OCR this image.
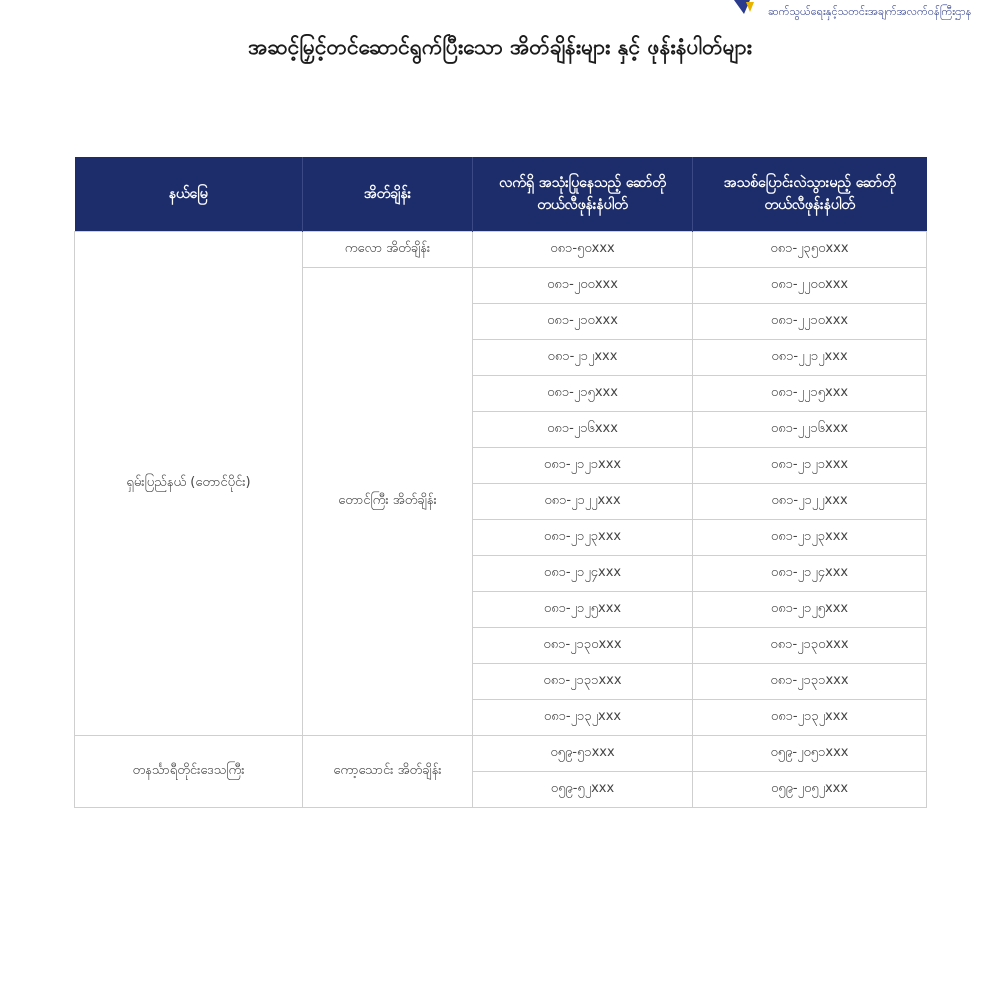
ဆက်သွယ်ရေးနှင့်သတင်းအချက်အလက်ဝန်ကြီးဌာန
အဆင့်မြှင့်တင်ဆောင်ရွက်ပြီးသော အိတ်ချိန်းများ နှင့် ဖုန်းနံပါတ်များ
နယ်မြေ	အိတ်ချိန်း	လက်ရှိ အသုံးပြုနေသည့် ဆော်တိုတယ်လီဖုန်းနံပါတ်	အသစ်ပြောင်းလဲသွားမည့် ဆော်တိုတယ်လီဖုန်းနံပါတ်
ရှမ်းပြည်နယ် (တောင်ပိုင်း)	ကလော အိတ်ချိန်း	၀၈၁-၅၀xxx	၀၈၁-၂၃၅၀xxx
	တောင်ကြီး အိတ်ချိန်း	၀၈၁-၂၀၀xxx	၀၈၁-၂၂၀၀xxx
		၀၈၁-၂၁၀xxx	၀၈၁-၂၂၁၀xxx
		၀၈၁-၂၁၂xxx	၀၈၁-၂၂၁၂xxx
		၀၈၁-၂၁၅xxx	၀၈၁-၂၂၁၅xxx
		၀၈၁-၂၁၆xxx	၀၈၁-၂၂၁၆xxx
		၀၈၁-၂၁၂၁xxx	၀၈၁-၂၁၂၁xxx
		၀၈၁-၂၁၂၂xxx	၀၈၁-၂၁၂၂xxx
		၀၈၁-၂၁၂၃xxx	၀၈၁-၂၁၂၃xxx
		၀၈၁-၂၁၂၄xxx	၀၈၁-၂၁၂၄xxx
		၀၈၁-၂၁၂၅xxx	၀၈၁-၂၁၂၅xxx
		၀၈၁-၂၁၃၀xxx	၀၈၁-၂၁၃၀xxx
		၀၈၁-၂၁၃၁xxx	၀၈၁-၂၁၃၁xxx
		၀၈၁-၂၁၃၂xxx	၀၈၁-၂၁၃၂xxx
တနင်္သာရီတိုင်းဒေသကြီး	ကော့သောင်း အိတ်ချိန်း	၀၅၉-၅၁xxx	၀၅၉-၂၀၅၁xxx
		၀၅၉-၅၂xxx	၀၅၉-၂၀၅၂xxx
